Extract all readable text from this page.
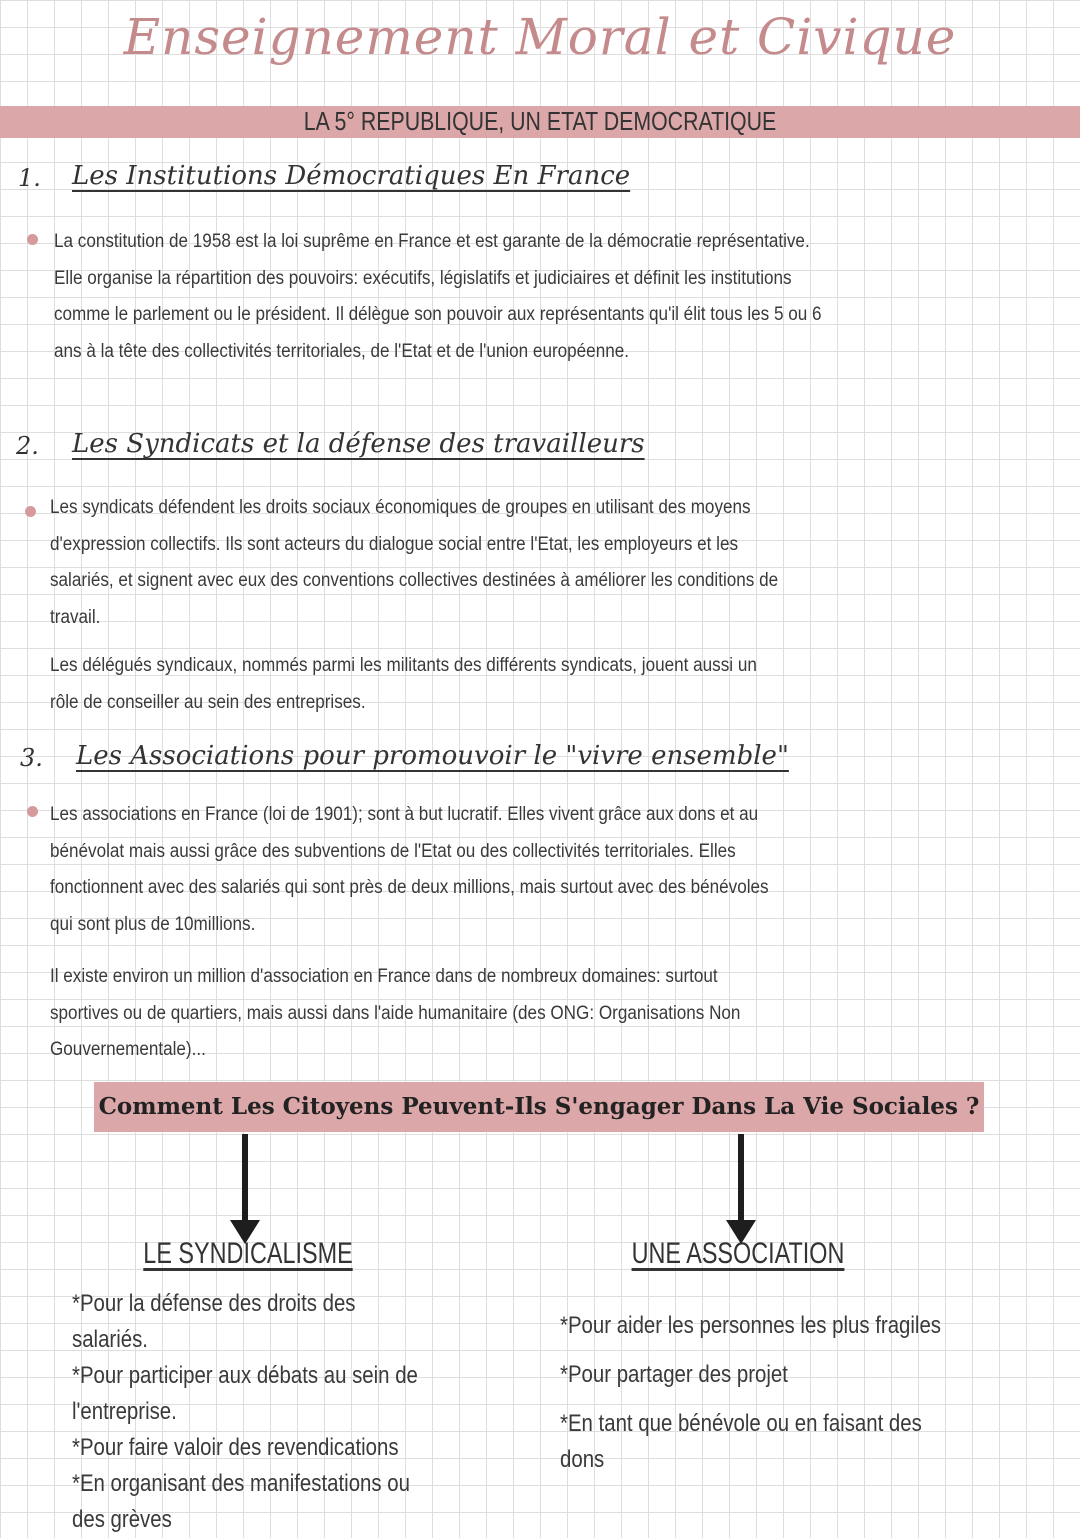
Enseignement Moral et Civique
LA 5° REPUBLIQUE, UN ETAT DEMOCRATIQUE
1. Les Institutions Démocratiques En France

La constitution de 1958 est la loi suprême en France et est garante de la démocratie représentative. Elle organise la répartition des pouvoirs: exécutifs, législatifs et judiciaires et définit les institutions comme le parlement ou le président. Il délègue son pouvoir aux représentants qu'il élit tous les 5 ou 6 ans à la tête des collectivités territoriales, de l'Etat et de l'union européenne.

2. Les Syndicats et la défense des travailleurs

Les syndicats défendent les droits sociaux économiques de groupes en utilisant des moyens d'expression collectifs. Ils sont acteurs du dialogue social entre l'Etat, les employeurs et les salariés, et signent avec eux des conventions collectives destinées à améliorer les conditions de travail.

Les délégués syndicaux, nommés parmi les militants des différents syndicats, jouent aussi un rôle de conseiller au sein des entreprises.

3. Les Associations pour promouvoir le "vivre ensemble"

Les associations en France (loi de 1901); sont à but lucratif. Elles vivent grâce aux dons et au bénévolat mais aussi grâce des subventions de l'Etat ou des collectivités territoriales. Elles fonctionnent avec des salariés qui sont près de deux millions, mais surtout avec des bénévoles qui sont plus de 10millions.

Il existe environ un million d'association en France dans de nombreux domaines: surtout sportives ou de quartiers, mais aussi dans l'aide humanitaire (des ONG: Organisations Non Gouvernementale)...

Comment Les Citoyens Peuvent-Ils S'engager Dans La Vie Sociales ?
LE SYNDICALISME

*Pour la défense des droits des salariés.

*Pour participer aux débats au sein de l'entreprise.

*Pour faire valoir des revendications

*En organisant des manifestations ou des grèves

UNE ASSOCIATION

*Pour aider les personnes les plus fragiles

*Pour partager des projet

*En tant que bénévole ou en faisant des dons
